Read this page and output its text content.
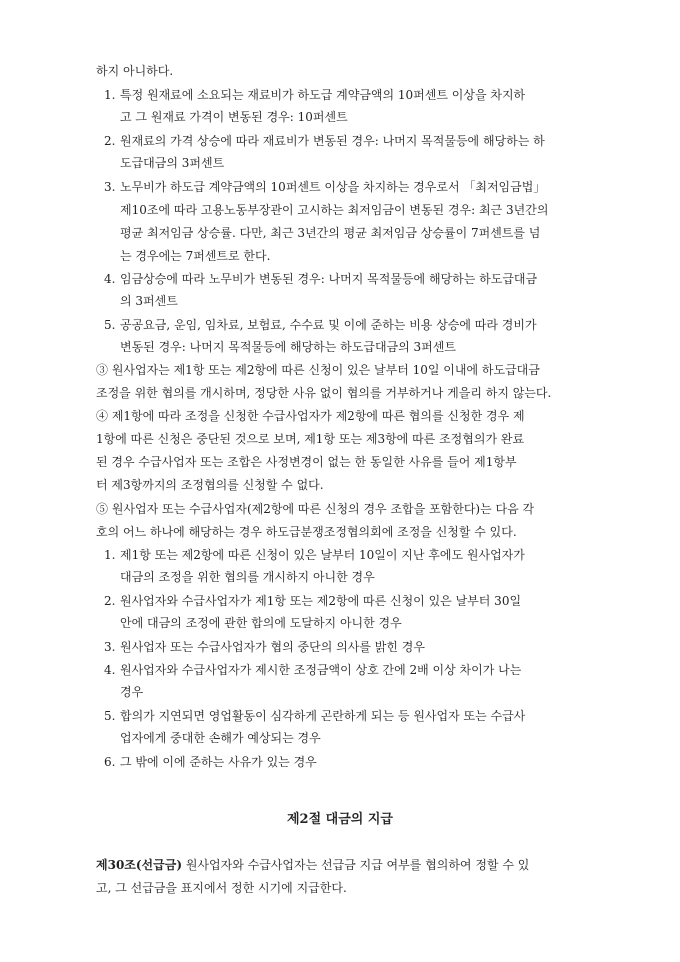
하지 아니하다.
1. 특정 원재료에 소요되는 재료비가 하도급 계약금액의 10퍼센트 이상을 차지하
고 그 원재료 가격이 변동된 경우: 10퍼센트
2. 원재료의 가격 상승에 따라 재료비가 변동된 경우: 나머지 목적물등에 해당하는 하
도급대금의 3퍼센트
3. 노무비가 하도급 계약금액의 10퍼센트 이상을 차지하는 경우로서 「최저임금법」
제10조에 따라 고용노동부장관이 고시하는 최저임금이 변동된 경우: 최근 3년간의
평균 최저임금 상승률. 다만, 최근 3년간의 평균 최저임금 상승률이 7퍼센트를 넘
는 경우에는 7퍼센트로 한다.
4. 임금상승에 따라 노무비가 변동된 경우: 나머지 목적물등에 해당하는 하도급대금
의 3퍼센트
5. 공공요금, 운임, 임차료, 보험료, 수수료 및 이에 준하는 비용 상승에 따라 경비가
변동된 경우: 나머지 목적물등에 해당하는 하도급대금의 3퍼센트
③ 원사업자는 제1항 또는 제2항에 따른 신청이 있은 날부터 10일 이내에 하도급대금
조정을 위한 협의를 개시하며, 정당한 사유 없이 협의를 거부하거나 게을리 하지 않는다.
④ 제1항에 따라 조정을 신청한 수급사업자가 제2항에 따른 협의를 신청한 경우 제
1항에 따른 신청은 중단된 것으로 보며, 제1항 또는 제3항에 따른 조정협의가 완료
된 경우 수급사업자 또는 조합은 사정변경이 없는 한 동일한 사유를 들어 제1항부
터 제3항까지의 조정협의를 신청할 수 없다.
⑤ 원사업자 또는 수급사업자(제2항에 따른 신청의 경우 조합을 포함한다)는 다음 각
호의 어느 하나에 해당하는 경우 하도급분쟁조정협의회에 조정을 신청할 수 있다.
1. 제1항 또는 제2항에 따른 신청이 있은 날부터 10일이 지난 후에도 원사업자가
대금의 조정을 위한 협의를 개시하지 아니한 경우
2. 원사업자와 수급사업자가 제1항 또는 제2항에 따른 신청이 있은 날부터 30일
안에 대금의 조정에 관한 합의에 도달하지 아니한 경우
3. 원사업자 또는 수급사업자가 협의 중단의 의사를 밝힌 경우
4. 원사업자와 수급사업자가 제시한 조정금액이 상호 간에 2배 이상 차이가 나는
경우
5. 합의가 지연되면 영업활동이 심각하게 곤란하게 되는 등 원사업자 또는 수급사
업자에게 중대한 손해가 예상되는 경우
6. 그 밖에 이에 준하는 사유가 있는 경우
제2절 대금의 지급
제30조(선급금) 원사업자와 수급사업자는 선급금 지급 여부를 협의하여 정할 수 있
고, 그 선급금을 표지에서 정한 시기에 지급한다.
